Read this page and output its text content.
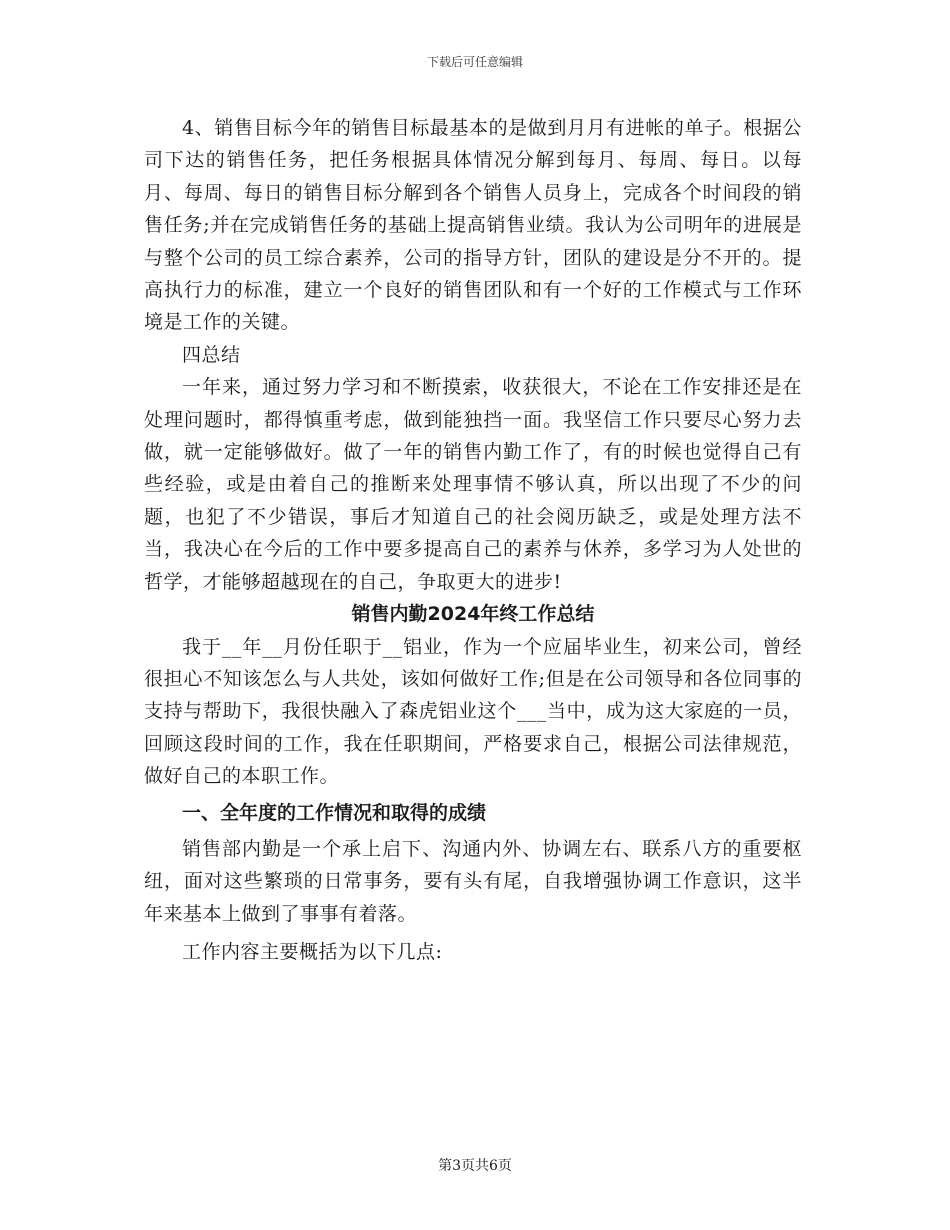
下载后可任意编辑

4、销售目标今年的销售目标最基本的是做到月月有进帐的单子。根据公司下达的销售任务，把任务根据具体情况分解到每月、每周、每日。以每月、每周、每日的销售目标分解到各个销售人员身上，完成各个时间段的销售任务;并在完成销售任务的基础上提高销售业绩。我认为公司明年的进展是与整个公司的员工综合素养，公司的指导方针，团队的建设是分不开的。提高执行力的标准，建立一个良好的销售团队和有一个好的工作模式与工作环境是工作的关键。

四总结

一年来，通过努力学习和不断摸索，收获很大，不论在工作安排还是在处理问题时，都得慎重考虑，做到能独挡一面。我坚信工作只要尽心努力去做，就一定能够做好。做了一年的销售内勤工作了，有的时候也觉得自己有些经验，或是由着自己的推断来处理事情不够认真，所以出现了不少的问题，也犯了不少错误，事后才知道自己的社会阅历缺乏，或是处理方法不当，我决心在今后的工作中要多提高自己的素养与休养，多学习为人处世的哲学，才能够超越现在的自己，争取更大的进步!

销售内勤2024年终工作总结

我于__年__月份任职于__铝业，作为一个应届毕业生，初来公司，曾经很担心不知该怎么与人共处，该如何做好工作;但是在公司领导和各位同事的支持与帮助下，我很快融入了森虎铝业这个___当中，成为这大家庭的一员，回顾这段时间的工作，我在任职期间，严格要求自己，根据公司法律规范，做好自己的本职工作。

一、全年度的工作情况和取得的成绩

销售部内勤是一个承上启下、沟通内外、协调左右、联系八方的重要枢纽，面对这些繁琐的日常事务，要有头有尾，自我增强协调工作意识，这半年来基本上做到了事事有着落。

工作内容主要概括为以下几点:

第3页共6页
